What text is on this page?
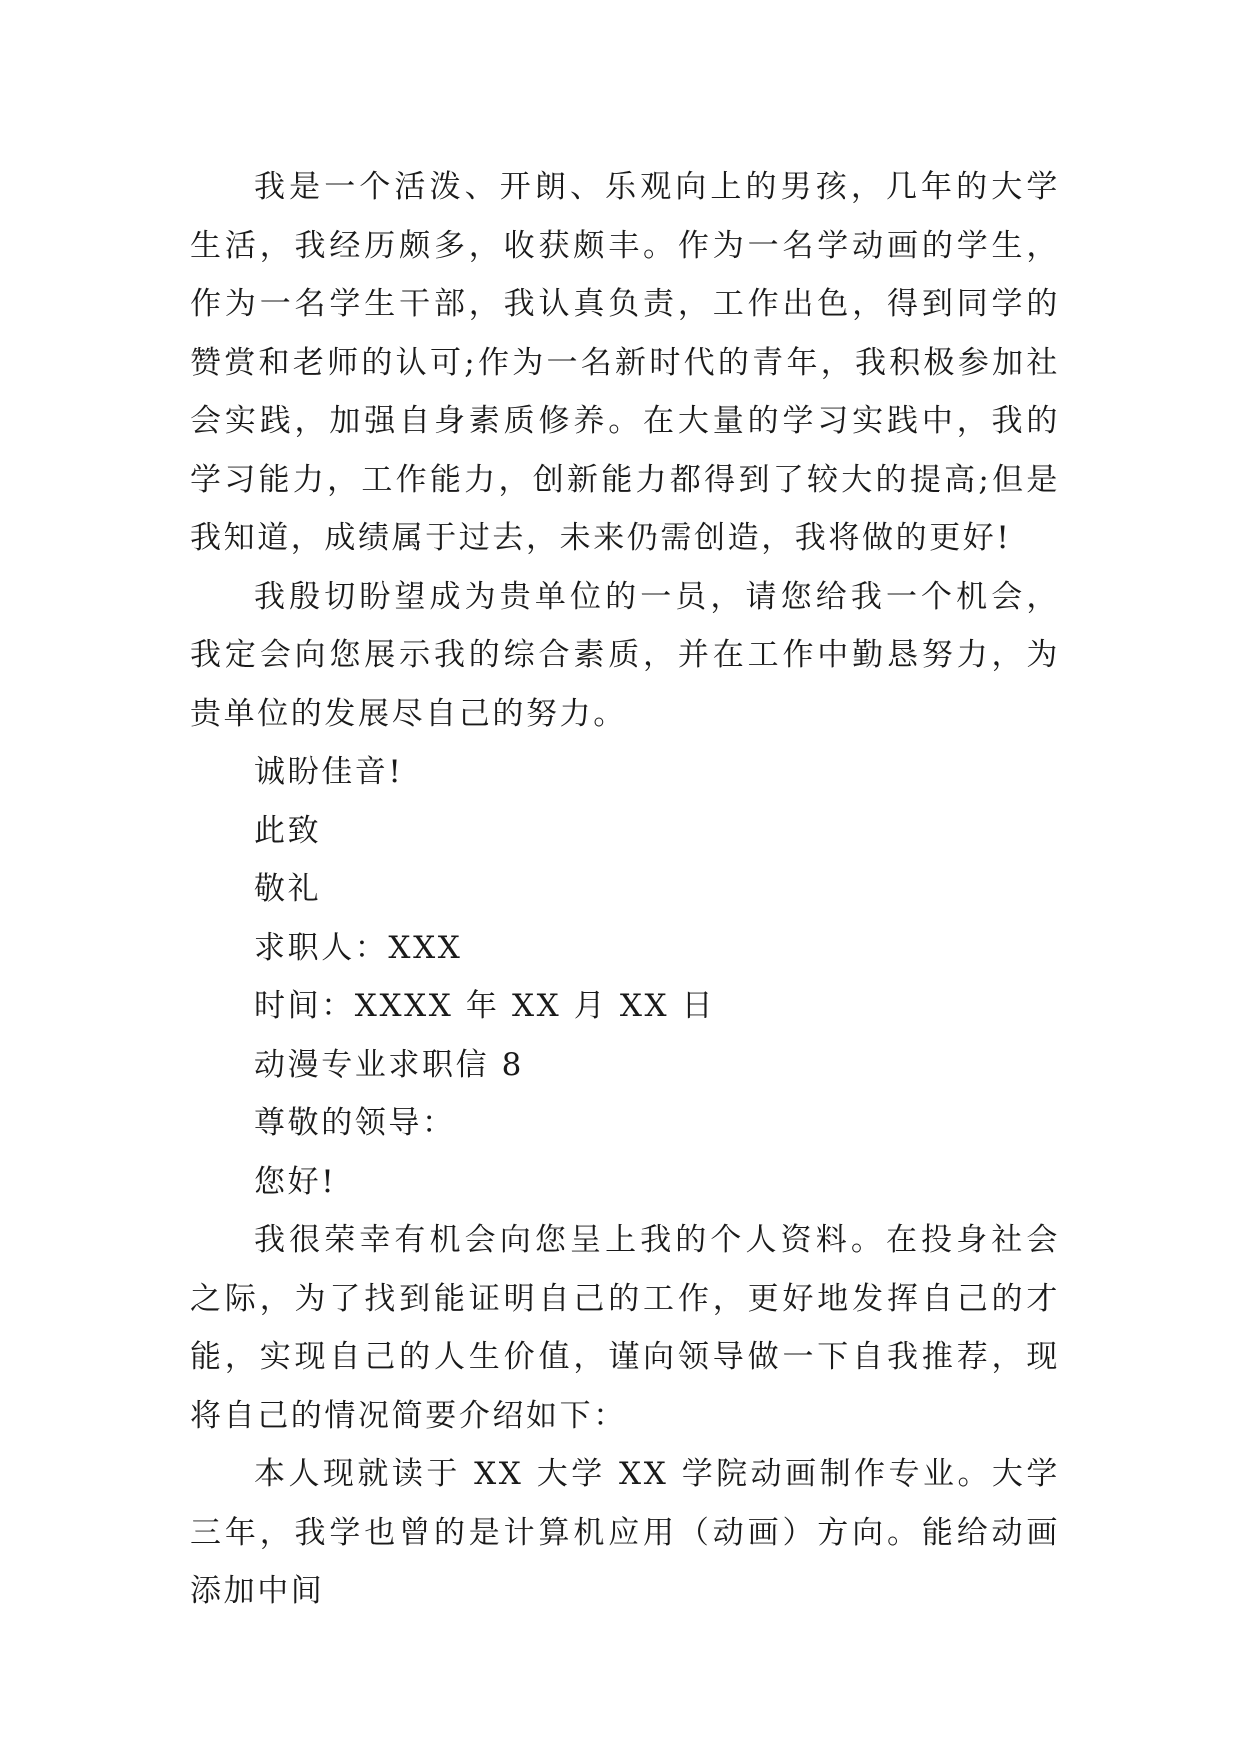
我是一个活泼、开朗、乐观向上的男孩，几年的大学生活，我经历颇多，收获颇丰。作为一名学动画的学生，作为一名学生干部，我认真负责，工作出色，得到同学的赞赏和老师的认可;作为一名新时代的青年，我积极参加社会实践，加强自身素质修养。在大量的学习实践中，我的学习能力，工作能力，创新能力都得到了较大的提高;但是我知道，成绩属于过去，未来仍需创造，我将做的更好!

我殷切盼望成为贵单位的一员，请您给我一个机会，我定会向您展示我的综合素质，并在工作中勤恳努力，为贵单位的发展尽自己的努力。

诚盼佳音!

此致

敬礼

求职人：XXX

时间：XXXX 年 XX 月 XX 日

动漫专业求职信 8

尊敬的领导：

您好!

我很荣幸有机会向您呈上我的个人资料。在投身社会之际，为了找到能证明自己的工作，更好地发挥自己的才能，实现自己的人生价值，谨向领导做一下自我推荐，现将自己的情况简要介绍如下：

本人现就读于 XX 大学 XX 学院动画制作专业。大学三年，我学也曾的是计算机应用（动画）方向。能给动画添加中间
